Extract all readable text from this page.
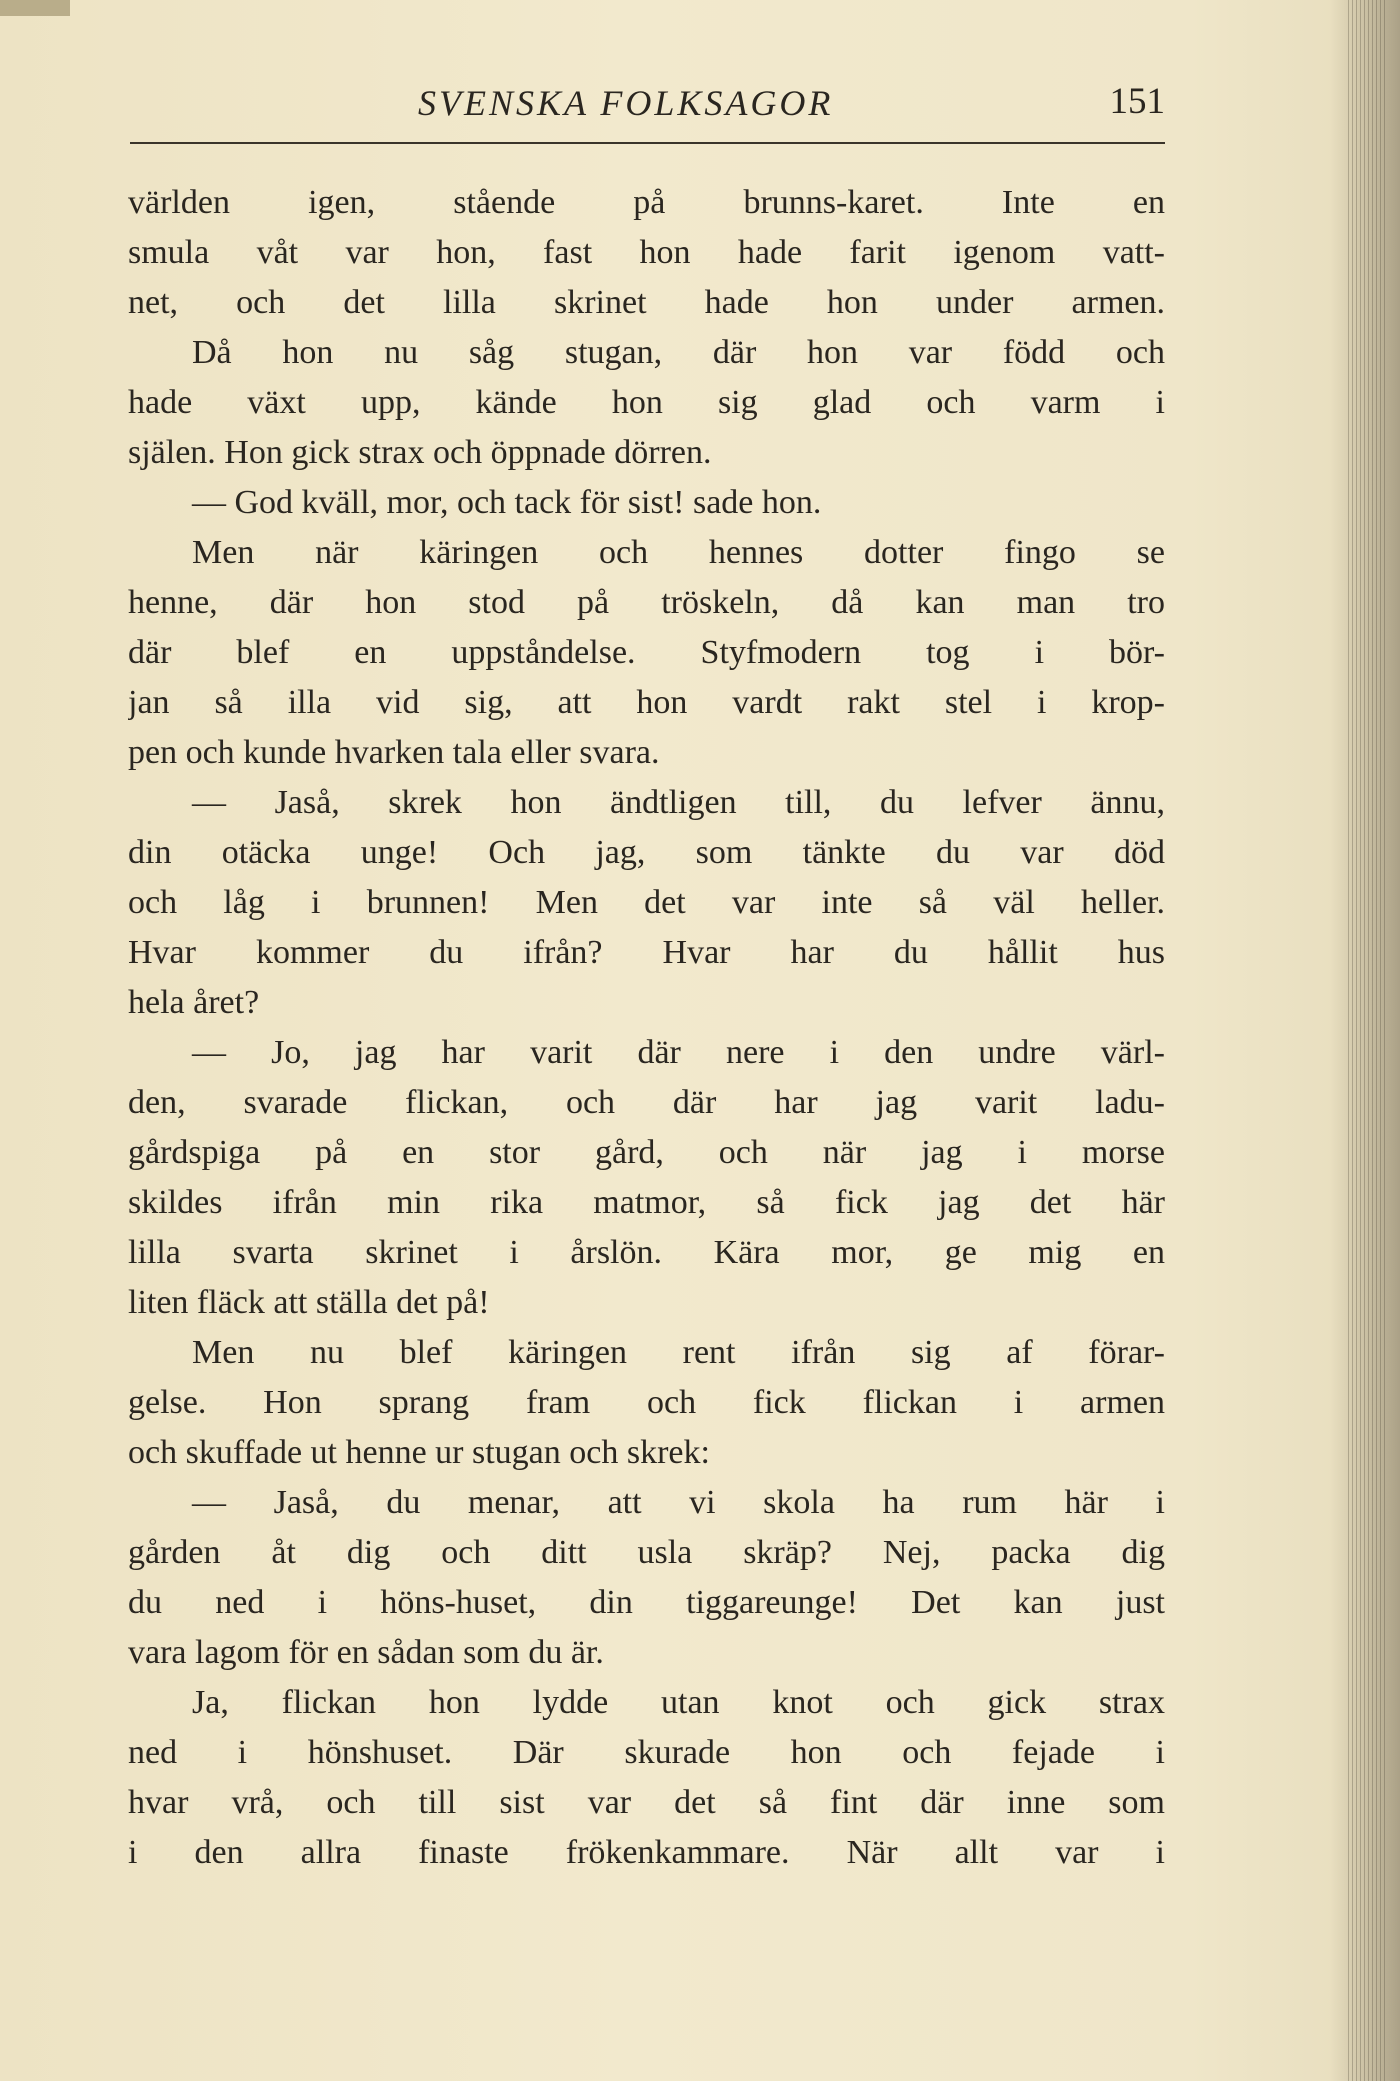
SVENSKA FOLKSAGOR	151
världen igen, stående på brunns-karet. Inte en
smula våt var hon, fast hon hade farit igenom vatt-
net, och det lilla skrinet hade hon under armen.
Då hon nu såg stugan, där hon var född och
hade växt upp, kände hon sig glad och varm i
själen. Hon gick strax och öppnade dörren.
— God kväll, mor, och tack för sist! sade hon.
Men när käringen och hennes dotter fingo se
henne, där hon stod på tröskeln, då kan man tro
där blef en uppståndelse. Styfmodern tog i bör-
jan så illa vid sig, att hon vardt rakt stel i krop-
pen och kunde hvarken tala eller svara.
— Jaså, skrek hon ändtligen till, du lefver ännu,
din otäcka unge! Och jag, som tänkte du var död
och låg i brunnen! Men det var inte så väl heller.
Hvar kommer du ifrån? Hvar har du hållit hus
hela året?
— Jo, jag har varit där nere i den undre värl-
den, svarade flickan, och där har jag varit ladu-
gårdspiga på en stor gård, och när jag i morse
skildes ifrån min rika matmor, så fick jag det här
lilla svarta skrinet i årslön. Kära mor, ge mig en
liten fläck att ställa det på!
Men nu blef käringen rent ifrån sig af förar-
gelse. Hon sprang fram och fick flickan i armen
och skuffade ut henne ur stugan och skrek:
— Jaså, du menar, att vi skola ha rum här i
gården åt dig och ditt usla skräp? Nej, packa dig
du ned i höns-huset, din tiggareunge! Det kan just
vara lagom för en sådan som du är.
Ja, flickan hon lydde utan knot och gick strax
ned i hönshuset. Där skurade hon och fejade i
hvar vrå, och till sist var det så fint där inne som
i den allra finaste frökenkammare. När allt var i
